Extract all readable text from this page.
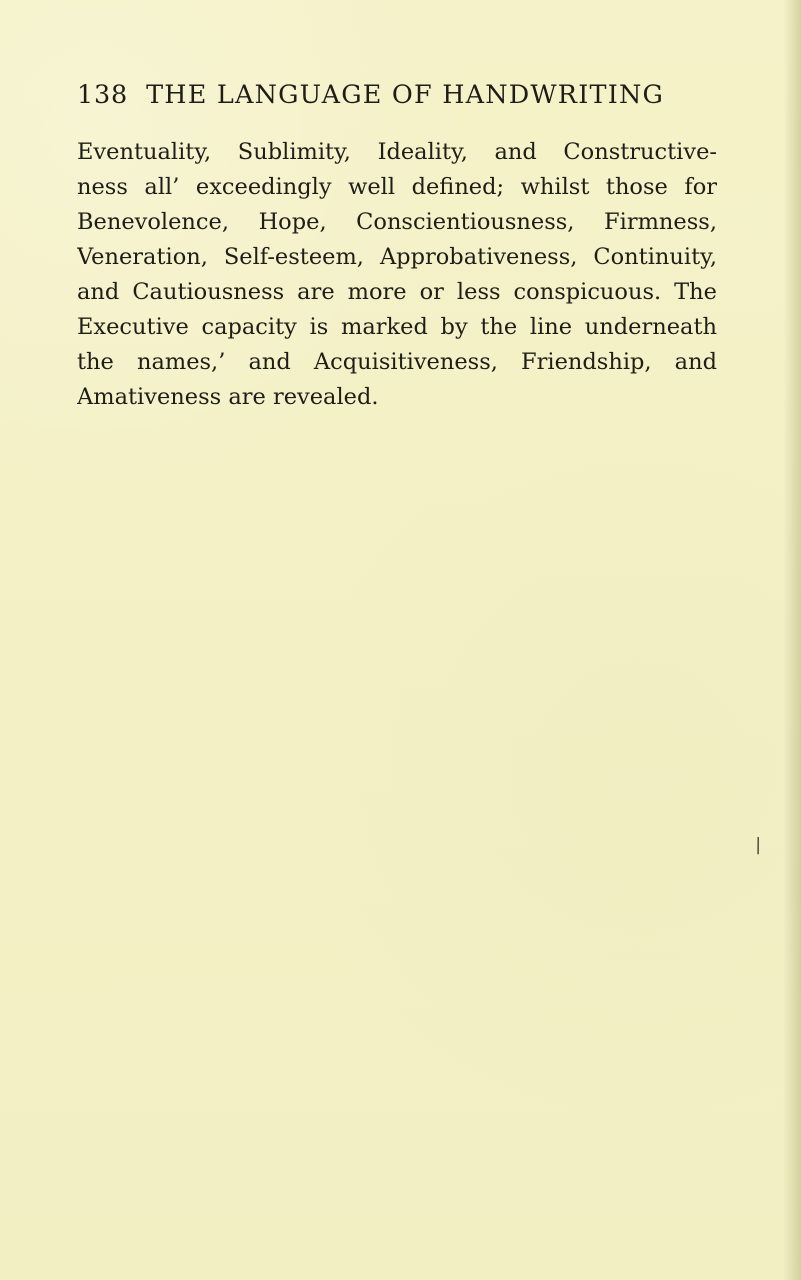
138 THE LANGUAGE OF HANDWRITING
Eventuality, Sublimity, Ideality, and Constructive-
ness all’ exceedingly well defined; whilst those for
Benevolence, Hope, Conscientiousness, Firmness,
Veneration, Self-esteem, Approbativeness, Continuity,
and Cautiousness are more or less conspicuous. The
Executive capacity is marked by the line underneath
the names,’ and Acquisitiveness, Friendship, and
Amativeness are revealed.
\
